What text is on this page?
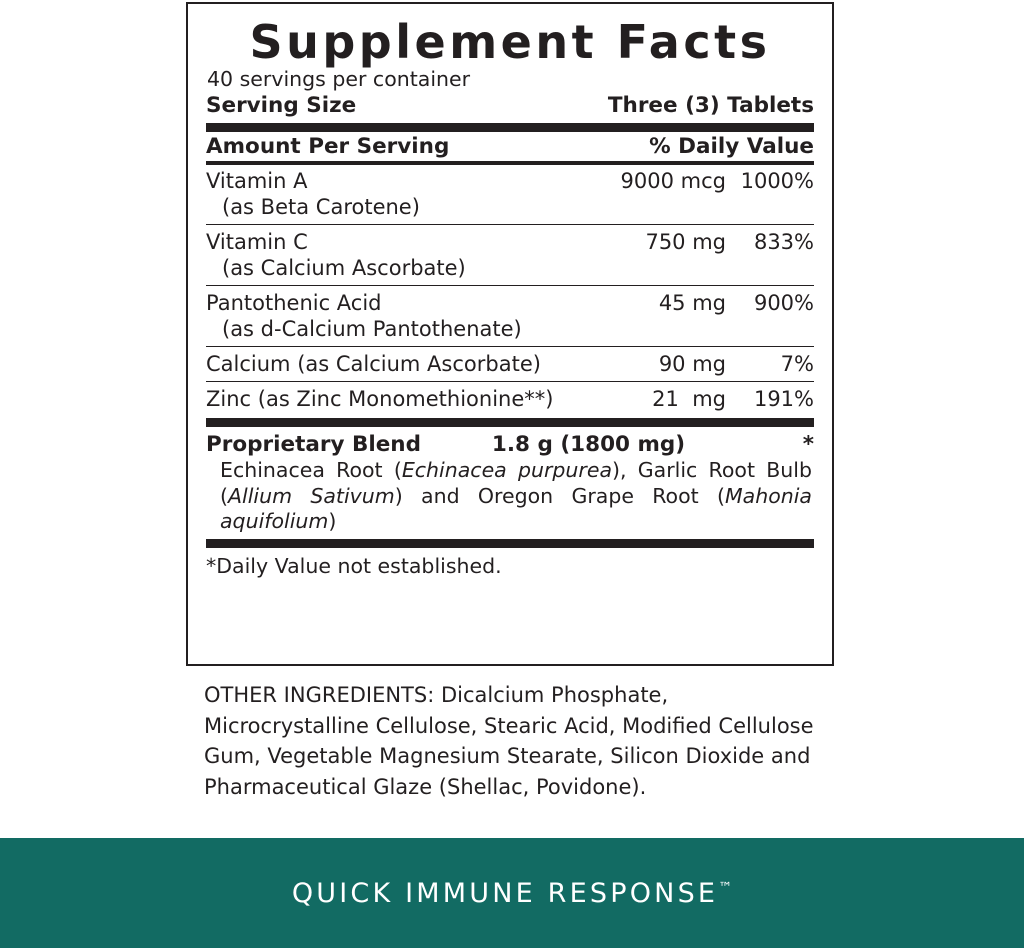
Supplement Facts
40 servings per container
Serving Size	Three (3) Tablets
Amount Per Serving	% Daily Value
Vitamin A	9000 mcg 1000%
(as Beta Carotene)
Vitamin C	750 mg	833%
(as Calcium Ascorbate)
Pantothenic Acid	45 mg	900%
(as d-Calcium Pantothenate)
Calcium (as Calcium Ascorbate)	90 mg	7%
Zinc (as Zinc Monomethionine**)	21  mg	191%
Proprietary Blend	1.8 g (1800 mg)	*
Echinacea Root (Echinacea purpurea), Garlic Root Bulb (Allium Sativum) and Oregon Grape Root (Mahonia aquifolium)
*Daily Value not established.
OTHER INGREDIENTS: Dicalcium Phosphate, Microcrystalline Cellulose, Stearic Acid, Modified Cellulose Gum, Vegetable Magnesium Stearate, Silicon Dioxide and Pharmaceutical Glaze (Shellac, Povidone).
QUICK IMMUNE RESPONSE™
